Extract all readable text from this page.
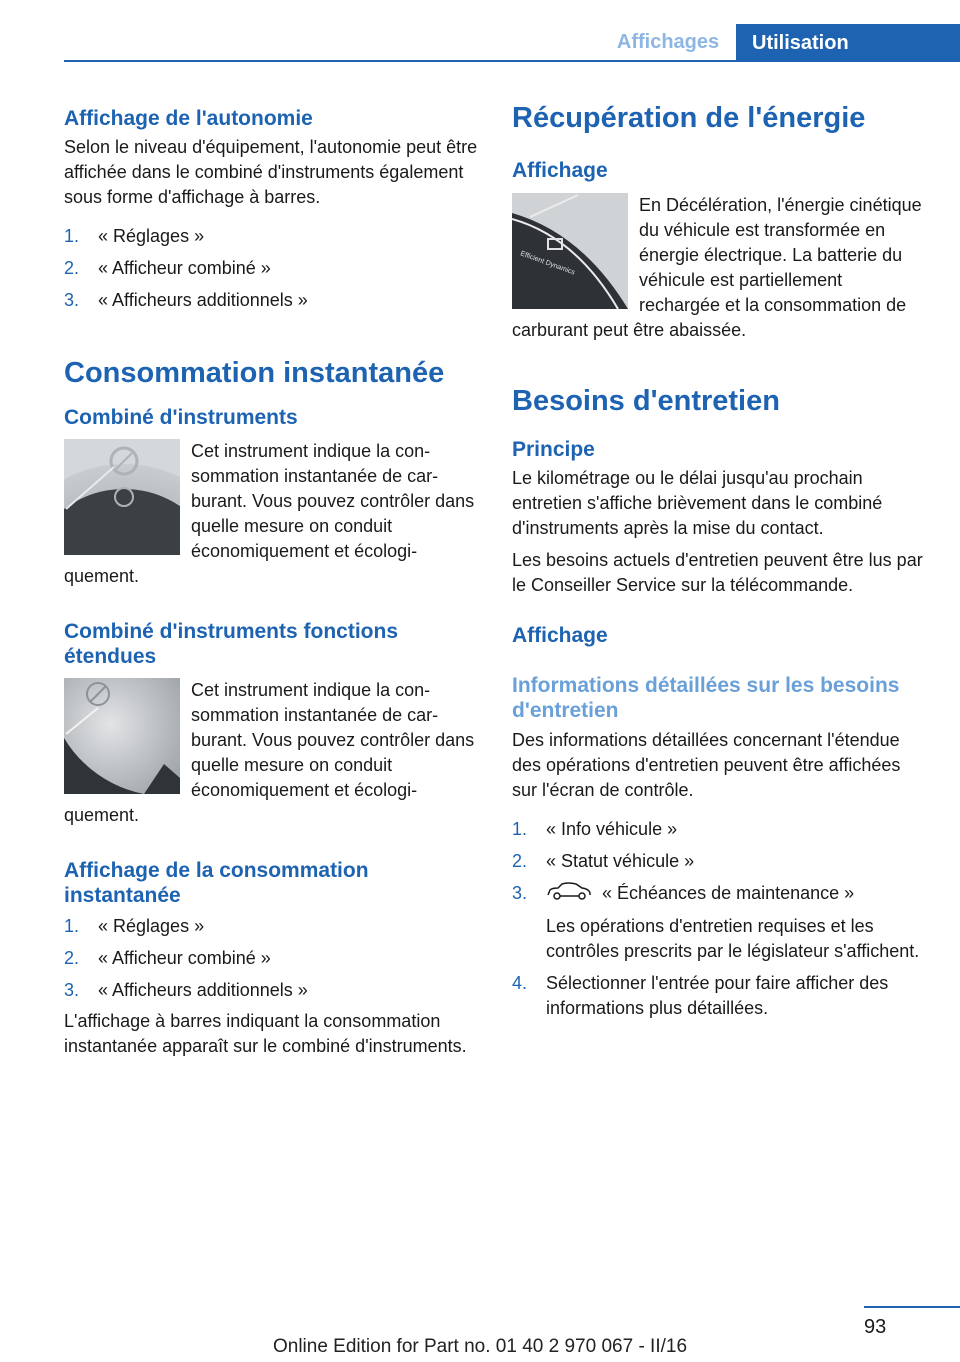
Affichages	Utilisation
Affichage de l'autonomie

Selon le niveau d'équipement, l'autonomie peut être affichée dans le combiné d'instruments également sous forme d'affichage à barres.

1. « Réglages »
2. « Afficheur combiné »
3. « Afficheurs additionnels »
Consommation instantanée
Combiné d'instruments

Cet instrument indique la consommation instantanée de carburant. Vous pouvez contrôler dans quelle mesure on conduit économiquement et écologiquement.

Combiné d'instruments fonctions étendues

Cet instrument indique la consommation instantanée de carburant. Vous pouvez contrôler dans quelle mesure on conduit économiquement et écologiquement.

Affichage de la consommation instantanée
1. « Réglages »
2. « Afficheur combiné »
3. « Afficheurs additionnels »

L'affichage à barres indiquant la consommation instantanée apparaît sur le combiné d'instruments.

Récupération de l'énergie
Affichage
Efficient Dynamics

En Décélération, l'énergie cinétique du véhicule est transformée en énergie électrique. La batterie du véhicule est partiellement rechargée et la consommation de carburant peut être abaissée.

Besoins d'entretien
Principe

Le kilométrage ou le délai jusqu'au prochain entretien s'affiche brièvement dans le combiné d'instruments après la mise du contact.

Les besoins actuels d'entretien peuvent être lus par le Conseiller Service sur la télécommande.

Affichage
Informations détaillées sur les besoins d'entretien

Des informations détaillées concernant l'étendue des opérations d'entretien peuvent être affichées sur l'écran de contrôle.

1. « Info véhicule »
2. « Statut véhicule »
3.	« Échéances de maintenance »
Les opérations d'entretien requises et les contrôles prescrits par le législateur s'affichent.
4. Sélectionner l'entrée pour faire afficher des informations plus détaillées.
93
Online Edition for Part no. 01 40 2 970 067 - II/16
